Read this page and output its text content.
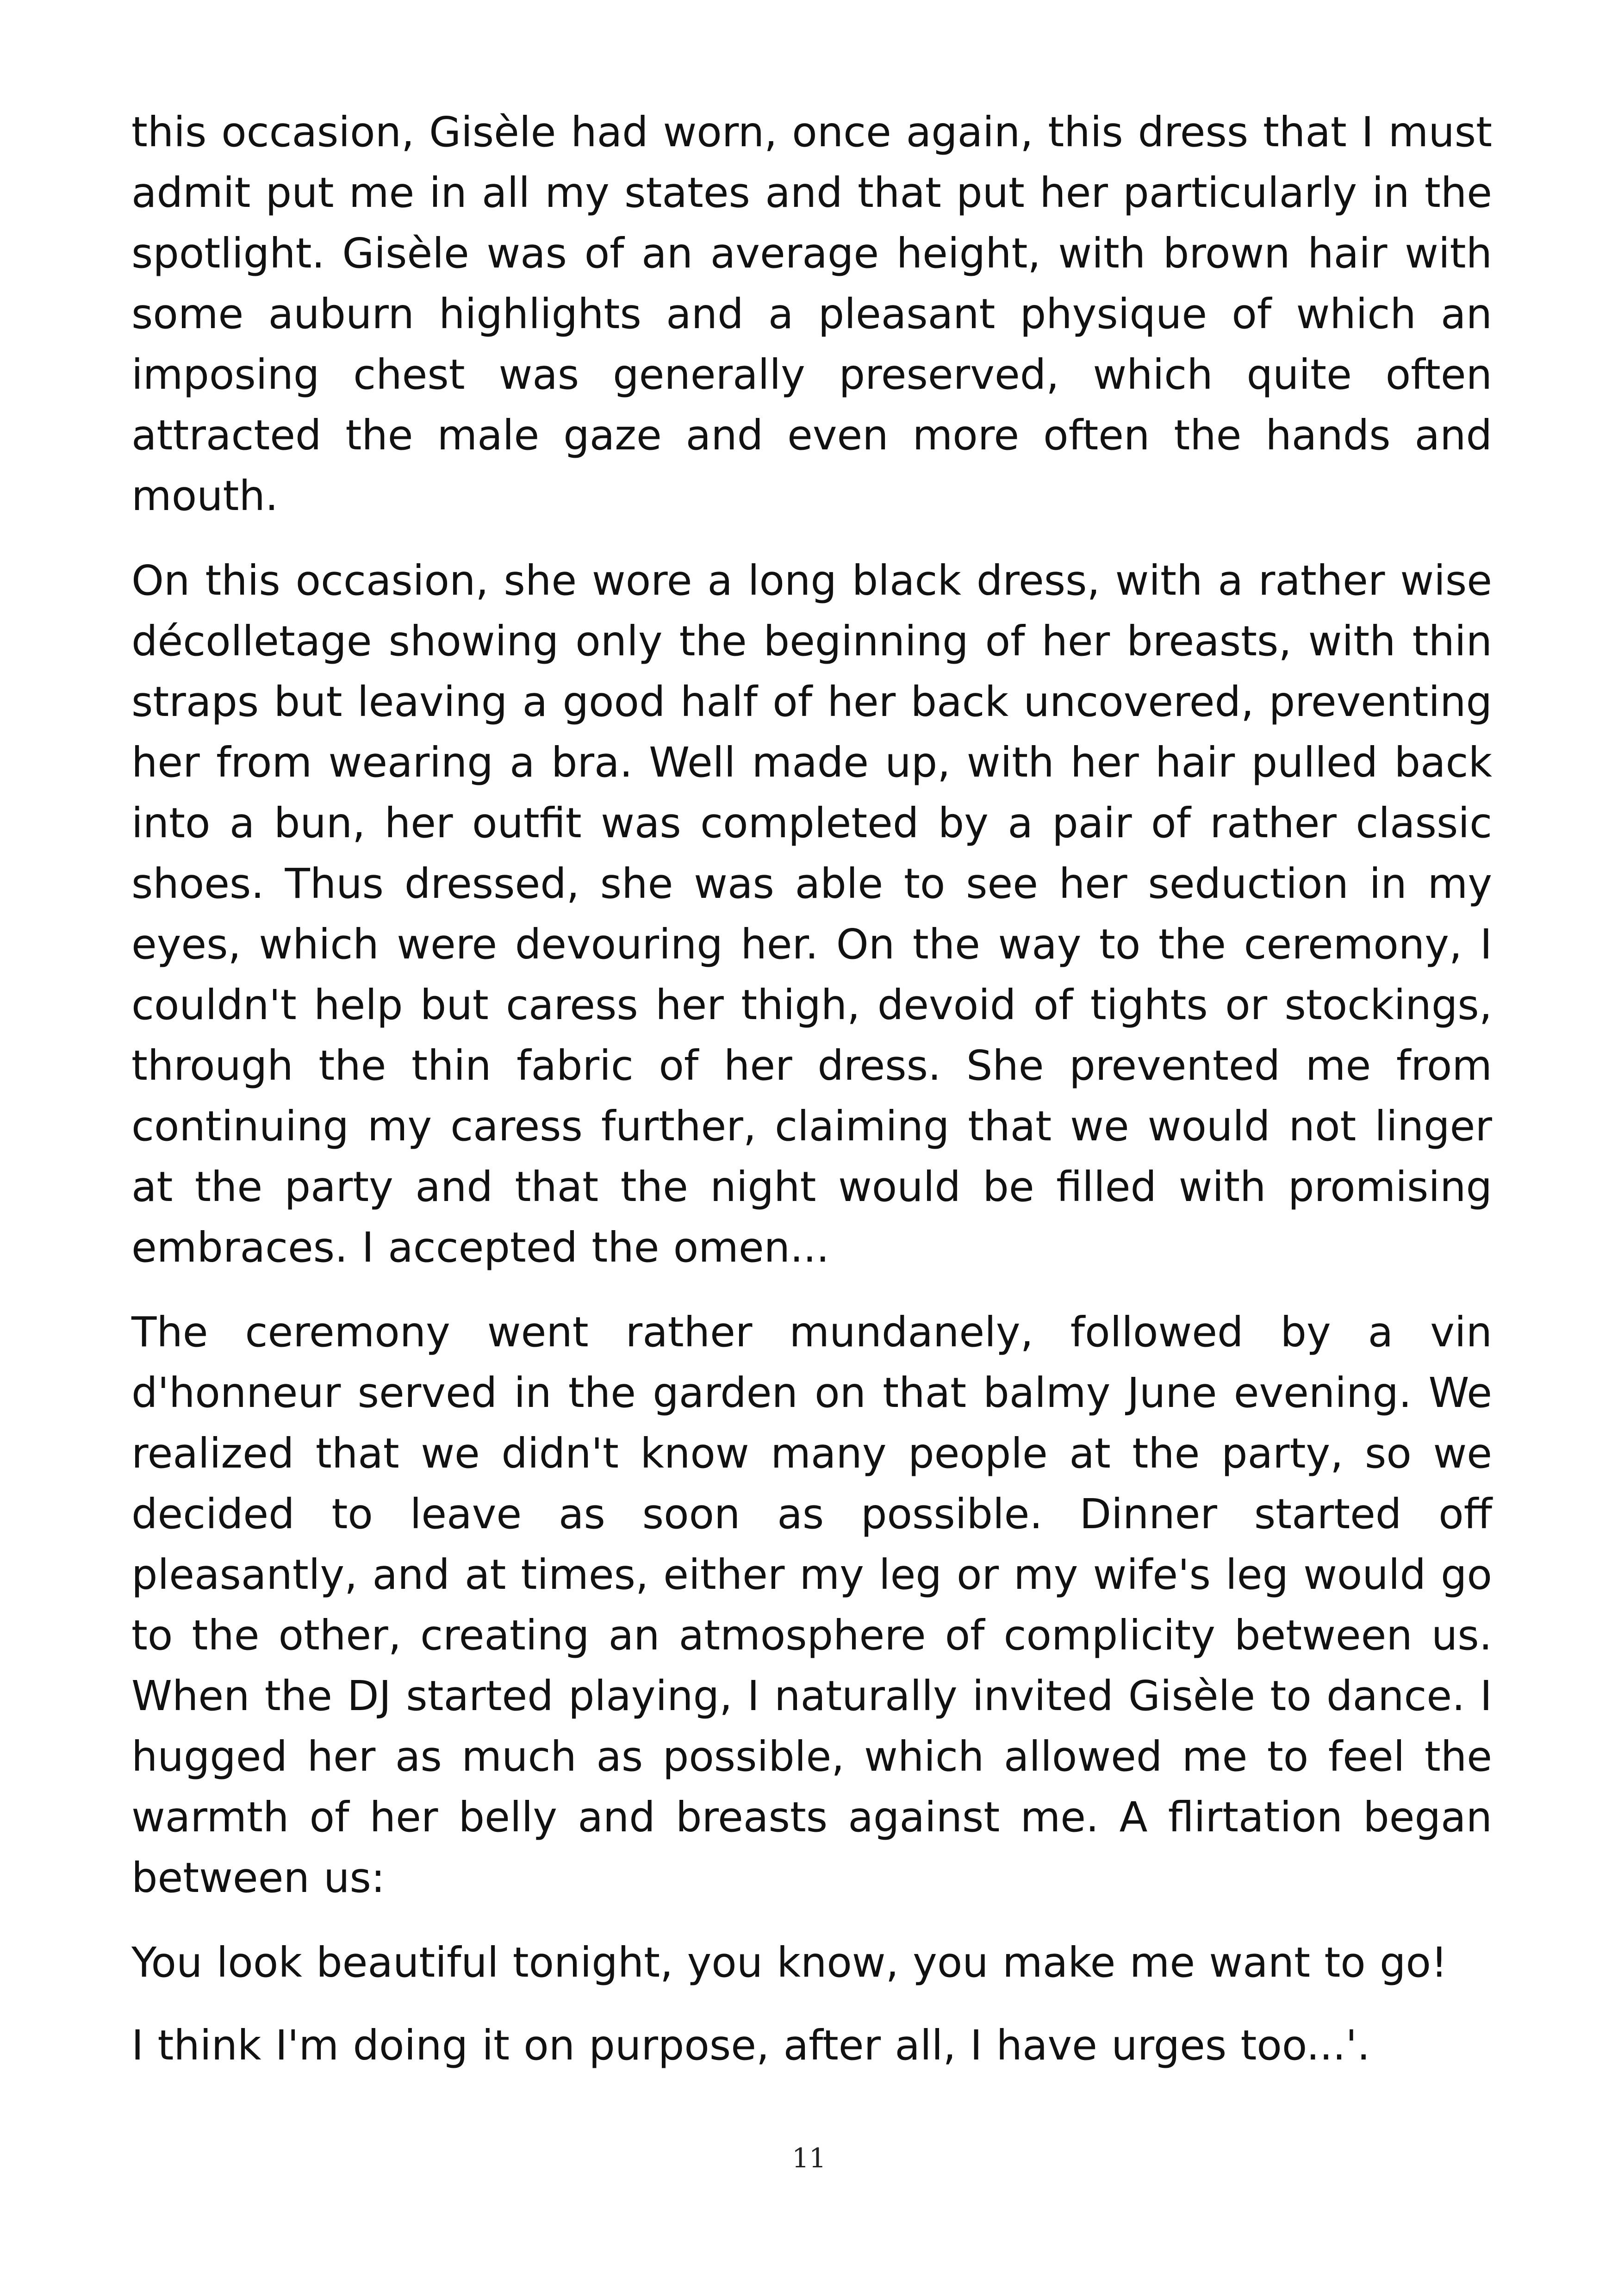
this occasion, Gisèle had worn, once again, this dress that I must admit put me in all my states and that put her particularly in the spotlight. Gisèle was of an average height, with brown hair with some auburn highlights and a pleasant physique of which an imposing chest was generally preserved, which quite often attracted the male gaze and even more often the hands and mouth.

On this occasion, she wore a long black dress, with a rather wise décolletage showing only the beginning of her breasts, with thin straps but leaving a good half of her back uncovered, preventing her from wearing a bra. Well made up, with her hair pulled back into a bun, her outfit was completed by a pair of rather classic shoes. Thus dressed, she was able to see her seduction in my eyes, which were devouring her. On the way to the ceremony, I couldn't help but caress her thigh, devoid of tights or stockings, through the thin fabric of her dress. She prevented me from continuing my caress further, claiming that we would not linger at the party and that the night would be filled with promising embraces. I accepted the omen...

The ceremony went rather mundanely, followed by a vin d'honneur served in the garden on that balmy June evening. We realized that we didn't know many people at the party, so we decided to leave as soon as possible. Dinner started off pleasantly, and at times, either my leg or my wife's leg would go to the other, creating an atmosphere of complicity between us. When the DJ started playing, I naturally invited Gisèle to dance. I hugged her as much as possible, which allowed me to feel the warmth of her belly and breasts against me. A flirtation began between us:

You look beautiful tonight, you know, you make me want to go!

I think I'm doing it on purpose, after all, I have urges too...'.

11
